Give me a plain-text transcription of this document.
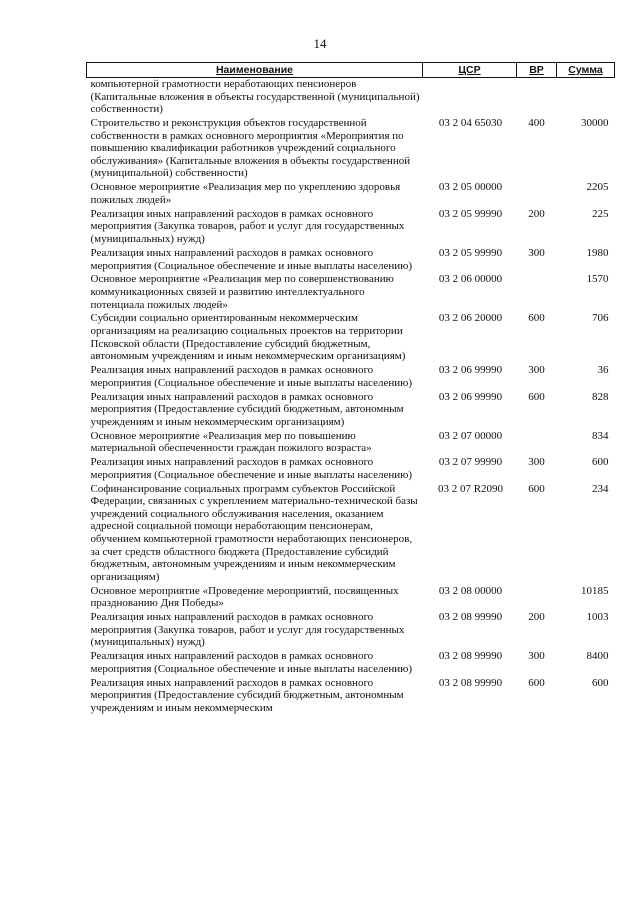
14
Наименование	ЦСР	ВР	Сумма
компьютерной грамотности неработающих пенсионеров (Капитальные вложения в объекты государственной (муниципальной) собственности)			
Строительство и реконструкция объектов государственной собственности в рамках основного мероприятия «Мероприятия по повышению квалификации работников учреждений социального обслуживания» (Капитальные вложения в объекты государственной (муниципальной) собственности)	03 2 04 65030	400	30000
Основное мероприятие «Реализация мер по укреплению здоровья пожилых людей»	03 2 05 00000		2205
Реализация иных направлений расходов в рамках основного мероприятия (Закупка товаров, работ и услуг для государственных (муниципальных) нужд)	03 2 05 99990	200	225
Реализация иных направлений расходов в рамках основного мероприятия (Социальное обеспечение и иные выплаты населению)	03 2 05 99990	300	1980
Основное мероприятие «Реализация мер по совершенствованию коммуникационных связей и развитию интеллектуального потенциала пожилых людей»	03 2 06 00000		1570
Субсидии социально ориентированным некоммерческим организациям на реализацию социальных проектов на территории Псковской области (Предоставление субсидий бюджетным, автономным учреждениям и иным некоммерческим организациям)	03 2 06 20000	600	706
Реализация иных направлений расходов в рамках основного мероприятия (Социальное обеспечение и иные выплаты населению)	03 2 06 99990	300	36
Реализация иных направлений расходов в рамках основного мероприятия (Предоставление субсидий бюджетным, автономным учреждениям и иным некоммерческим организациям)	03 2 06 99990	600	828
Основное мероприятие «Реализация мер по повышению материальной обеспеченности граждан пожилого возраста»	03 2 07 00000		834
Реализация иных направлений расходов в рамках основного мероприятия (Социальное обеспечение и иные выплаты населению)	03 2 07 99990	300	600
Софинансирование социальных программ субъектов Российской Федерации, связанных с укреплением материально-технической базы учреждений социального обслуживания населения, оказанием адресной социальной помощи неработающим пенсионерам, обучением компьютерной грамотности неработающих пенсионеров, за счет средств областного бюджета (Предоставление субсидий бюджетным, автономным учреждениям и иным некоммерческим организациям)	03 2 07 R2090	600	234
Основное мероприятие «Проведение мероприятий, посвященных празднованию Дня Победы»	03 2 08 00000		10185
Реализация иных направлений расходов в рамках основного мероприятия (Закупка товаров, работ и услуг для государственных (муниципальных) нужд)	03 2 08 99990	200	1003
Реализация иных направлений расходов в рамках основного мероприятия (Социальное обеспечение и иные выплаты населению)	03 2 08 99990	300	8400
Реализация иных направлений расходов в рамках основного мероприятия (Предоставление субсидий бюджетным, автономным учреждениям и иным некоммерческим	03 2 08 99990	600	600
